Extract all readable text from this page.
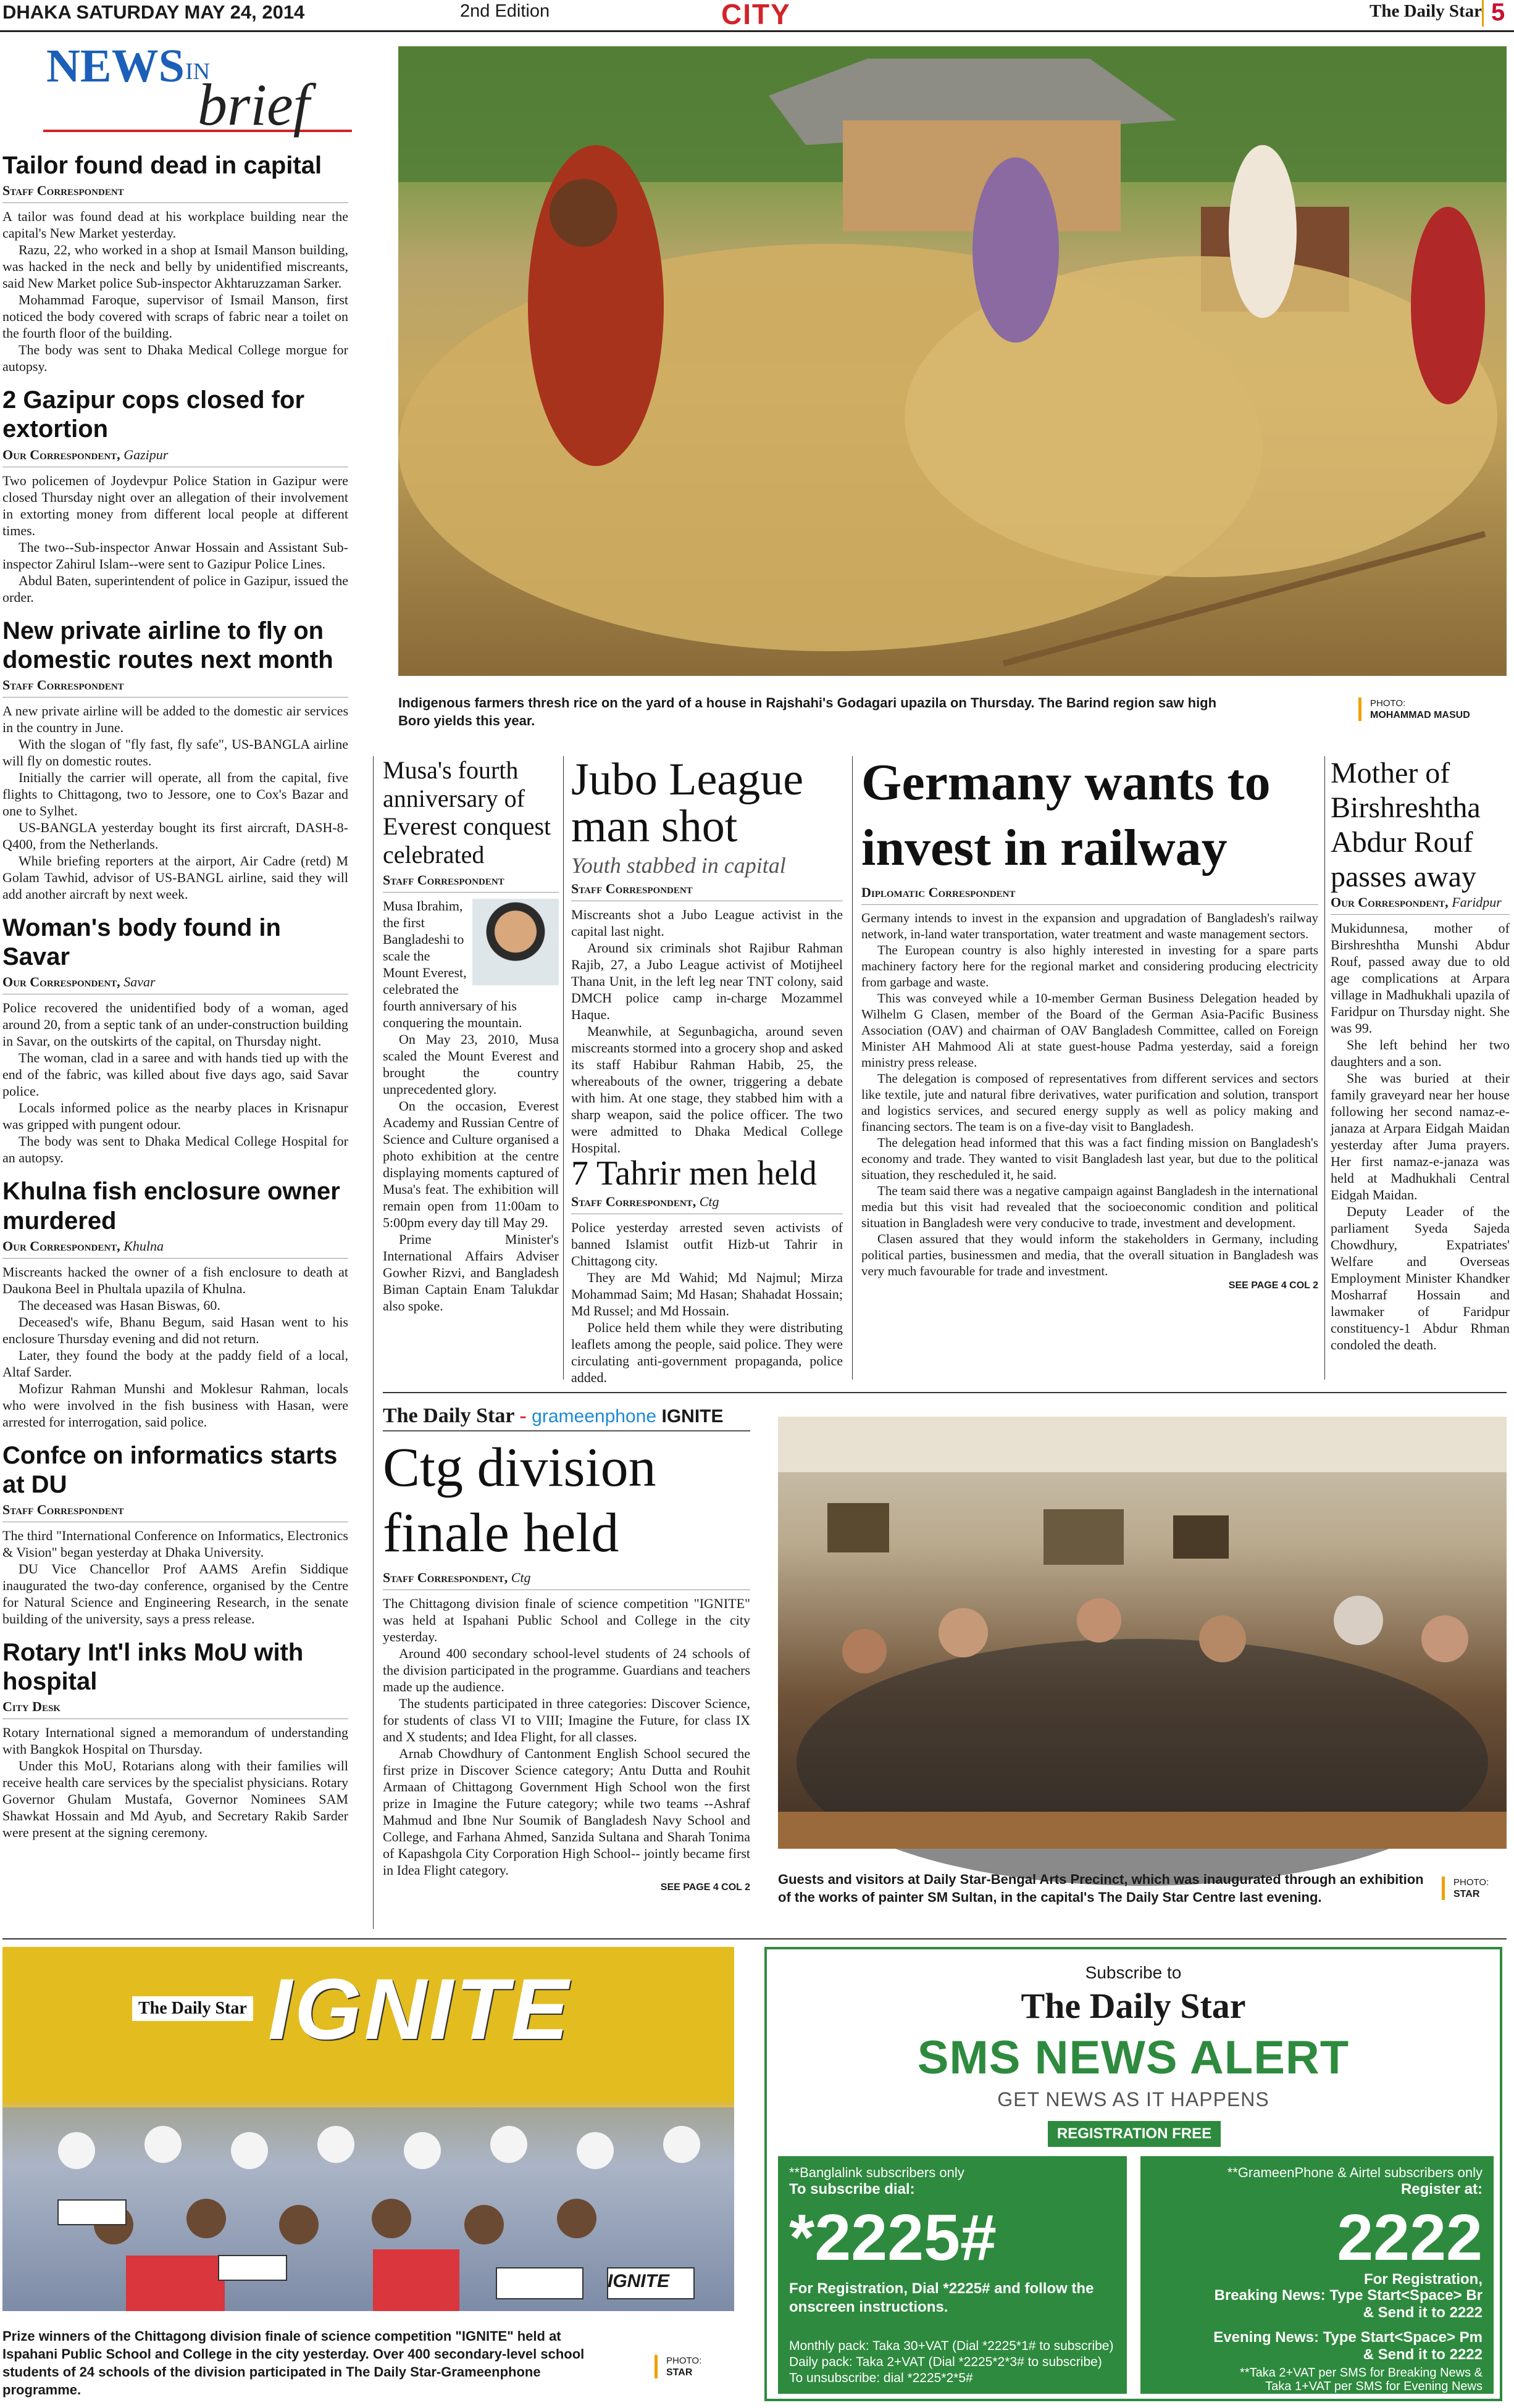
DHAKA SATURDAY MAY 24, 2014	2nd Edition	CITY	The Daily Star 5
NEWS IN
brief
Tailor found dead in capital
Staff Correspondent

A tailor was found dead at his workplace building near the capital's New Market yesterday.

Razu, 22, who worked in a shop at Ismail Manson building, was hacked in the neck and belly by unidentified miscreants, said New Market police Sub-inspector Akhtaruzzaman Sarker.

Mohammad Faroque, supervisor of Ismail Manson, first noticed the body covered with scraps of fabric near a toilet on the fourth floor of the building.

The body was sent to Dhaka Medical College morgue for autopsy.

2 Gazipur cops closed for extortion
Our Correspondent, Gazipur

Two policemen of Joydevpur Police Station in Gazipur were closed Thursday night over an allegation of their involvement in extorting money from different local people at different times.

The two--Sub-inspector Anwar Hossain and Assistant Sub-inspector Zahirul Islam--were sent to Gazipur Police Lines.

Abdul Baten, superintendent of police in Gazipur, issued the order.

New private airline to fly on domestic routes next month
Staff Correspondent

A new private airline will be added to the domestic air services in the country in June.

With the slogan of "fly fast, fly safe", US-BANGLA airline will fly on domestic routes.

Initially the carrier will operate, all from the capital, five flights to Chittagong, two to Jessore, one to Cox's Bazar and one to Sylhet.

US-BANGLA yesterday bought its first aircraft, DASH-8-Q400, from the Netherlands.

While briefing reporters at the airport, Air Cadre (retd) M Golam Tawhid, advisor of US-BANGL airline, said they will add another aircraft by next week.

Woman's body found in Savar
Our Correspondent, Savar

Police recovered the unidentified body of a woman, aged around 20, from a septic tank of an under-construction building in Savar, on the outskirts of the capital, on Thursday night.

The woman, clad in a saree and with hands tied up with the end of the fabric, was killed about five days ago, said Savar police.

Locals informed police as the nearby places in Krisnapur was gripped with pungent odour.

The body was sent to Dhaka Medical College Hospital for an autopsy.

Khulna fish enclosure owner murdered
Our Correspondent, Khulna

Miscreants hacked the owner of a fish enclosure to death at Daukona Beel in Phultala upazila of Khulna.

The deceased was Hasan Biswas, 60.

Deceased's wife, Bhanu Begum, said Hasan went to his enclosure Thursday evening and did not return.

Later, they found the body at the paddy field of a local, Altaf Sarder.

Mofizur Rahman Munshi and Moklesur Rahman, locals who were involved in the fish business with Hasan, were arrested for interrogation, said police.

Confce on informatics starts at DU
Staff Correspondent

The third "International Conference on Informatics, Electronics & Vision" began yesterday at Dhaka University.

DU Vice Chancellor Prof AAMS Arefin Siddique inaugurated the two-day conference, organised by the Centre for Natural Science and Engineering Research, in the senate building of the university, says a press release.

Rotary Int'l inks MoU with hospital
City Desk

Rotary International signed a memorandum of understanding with Bangkok Hospital on Thursday.

Under this MoU, Rotarians along with their families will receive health care services by the specialist physicians. Rotary Governor Ghulam Mustafa, Governor Nominees SAM Shawkat Hossain and Md Ayub, and Secretary Rakib Sarder were present at the signing ceremony.

Indigenous farmers thresh rice on the yard of a house in Rajshahi's Godagari upazila on Thursday. The Barind region saw high Boro yields this year.
PHOTO:
MOHAMMAD MASUD
Musa's fourth anniversary of Everest conquest celebrated
Staff Correspondent

Musa Ibrahim, the first Bangladeshi to scale the Mount Everest, celebrated the fourth anniversary of his conquering the mountain.

On May 23, 2010, Musa scaled the Mount Everest and brought the country unprecedented glory.

On the occasion, Everest Academy and Russian Centre of Science and Culture organised a photo exhibition at the centre displaying moments captured of Musa's feat. The exhibition will remain open from 11:00am to 5:00pm every day till May 29.

Prime Minister's International Affairs Adviser Gowher Rizvi, and Bangladesh Biman Captain Enam Talukdar also spoke.

Jubo League man shot
Youth stabbed in capital
Staff Correspondent

Miscreants shot a Jubo League activist in the capital last night.

Around six criminals shot Rajibur Rahman Rajib, 27, a Jubo League activist of Motijheel Thana Unit, in the left leg near TNT colony, said DMCH police camp in-charge Mozammel Haque.

Meanwhile, at Segunbagicha, around seven miscreants stormed into a grocery shop and asked its staff Habibur Rahman Habib, 25, the whereabouts of the owner, triggering a debate with him. At one stage, they stabbed him with a sharp weapon, said the police officer. The two were admitted to Dhaka Medical College Hospital.

7 Tahrir men held
Staff Correspondent, Ctg

Police yesterday arrested seven activists of banned Islamist outfit Hizb-ut Tahrir in Chittagong city.

They are Md Wahid; Md Najmul; Mirza Mohammad Saim; Md Hasan; Shahadat Hossain; Md Russel; and Md Hossain.

Police held them while they were distributing leaflets among the people, said police. They were circulating anti-government propaganda, police added.

Germany wants to invest in railway
Diplomatic Correspondent

Germany intends to invest in the expansion and upgradation of Bangladesh's railway network, in-land water transportation, water treatment and waste management sectors.

The European country is also highly interested in investing for a spare parts machinery factory here for the regional market and considering producing electricity from garbage and waste.

This was conveyed while a 10-member German Business Delegation headed by Wilhelm G Clasen, member of the Board of the German Asia-Pacific Business Association (OAV) and chairman of OAV Bangladesh Committee, called on Foreign Minister AH Mahmood Ali at state guest-house Padma yesterday, said a foreign ministry press release.

The delegation is composed of representatives from different services and sectors like textile, jute and natural fibre derivatives, water purification and solution, transport and logistics services, and secured energy supply as well as policy making and financing sectors. The team is on a five-day visit to Bangladesh.

The delegation head informed that this was a fact finding mission on Bangladesh's economy and trade. They wanted to visit Bangladesh last year, but due to the political situation, they rescheduled it, he said.

The team said there was a negative campaign against Bangladesh in the international media but this visit had revealed that the socioeconomic condition and political situation in Bangladesh were very conducive to trade, investment and development.

Clasen assured that they would inform the stakeholders in Germany, including political parties, businessmen and media, that the overall situation in Bangladesh was very much favourable for trade and investment.

SEE PAGE 4 COL 2
Mother of Birshreshtha Abdur Rouf passes away
Our Correspondent, Faridpur

Mukidunnesa, mother of Birshreshtha Munshi Abdur Rouf, passed away due to old age complications at Arpara village in Madhukhali upazila of Faridpur on Thursday night. She was 99.

She left behind her two daughters and a son.

She was buried at their family graveyard near her house following her second namaz-e-janaza at Arpara Eidgah Maidan yesterday after Juma prayers. Her first namaz-e-janaza was held at Madhukhali Central Eidgah Maidan.

Deputy Leader of the parliament Syeda Sajeda Chowdhury, Expatriates' Welfare and Overseas Employment Minister Khandker Mosharraf Hossain and lawmaker of Faridpur constituency-1 Abdur Rhman condoled the death.

The Daily Star - grameenphone IGNITE
Ctg division finale held
Staff Correspondent, Ctg

The Chittagong division finale of science competition "IGNITE" was held at Ispahani Public School and College in the city yesterday.

Around 400 secondary school-level students of 24 schools of the division participated in the programme. Guardians and teachers made up the audience.

The students participated in three categories: Discover Science, for students of class VI to VIII; Imagine the Future, for class IX and X students; and Idea Flight, for all classes.

Arnab Chowdhury of Cantonment English School secured the first prize in Discover Science category; Antu Dutta and Rouhit Armaan of Chittagong Government High School won the first prize in Imagine the Future category; while two teams --Ashraf Mahmud and Ibne Nur Soumik of Bangladesh Navy School and College, and Farhana Ahmed, Sanzida Sultana and Sharah Tonima of Kapashgola City Corporation High School-- jointly became first in Idea Flight category.

SEE PAGE 4 COL 2
Guests and visitors at Daily Star-Bengal Arts Precinct, which was inaugurated through an exhibition of the works of painter SM Sultan, in the capital's The Daily Star Centre last evening.
PHOTO:
STAR
IGNITE
The Daily Star
IGNITE
Prize winners of the Chittagong division finale of science competition "IGNITE" held at Ispahani Public School and College in the city yesterday. Over 400 secondary-level school students of 24 schools of the division participated in The Daily Star-Grameenphone programme.
PHOTO:
STAR
Subscribe to
The Daily Star
SMS NEWS ALERT
GET NEWS AS IT HAPPENS
REGISTRATION FREE
**Banglalink subscribers only
To subscribe dial:
*2225#
For Registration, Dial *2225# and follow the onscreen instructions.
Monthly pack: Taka 30+VAT (Dial *2225*1# to subscribe)
Daily pack: Taka 2+VAT (Dial *2225*2*3# to subscribe)
To unsubscribe: dial *2225*2*5#
**GrameenPhone & Airtel subscribers only
Register at:
2222
For Registration,
Breaking News: Type Start<Space> Br & Send it to 2222
Evening News: Type Start<Space> Pm & Send it to 2222
**Taka 2+VAT per SMS for Breaking News &
Taka 1+VAT per SMS for Evening News
